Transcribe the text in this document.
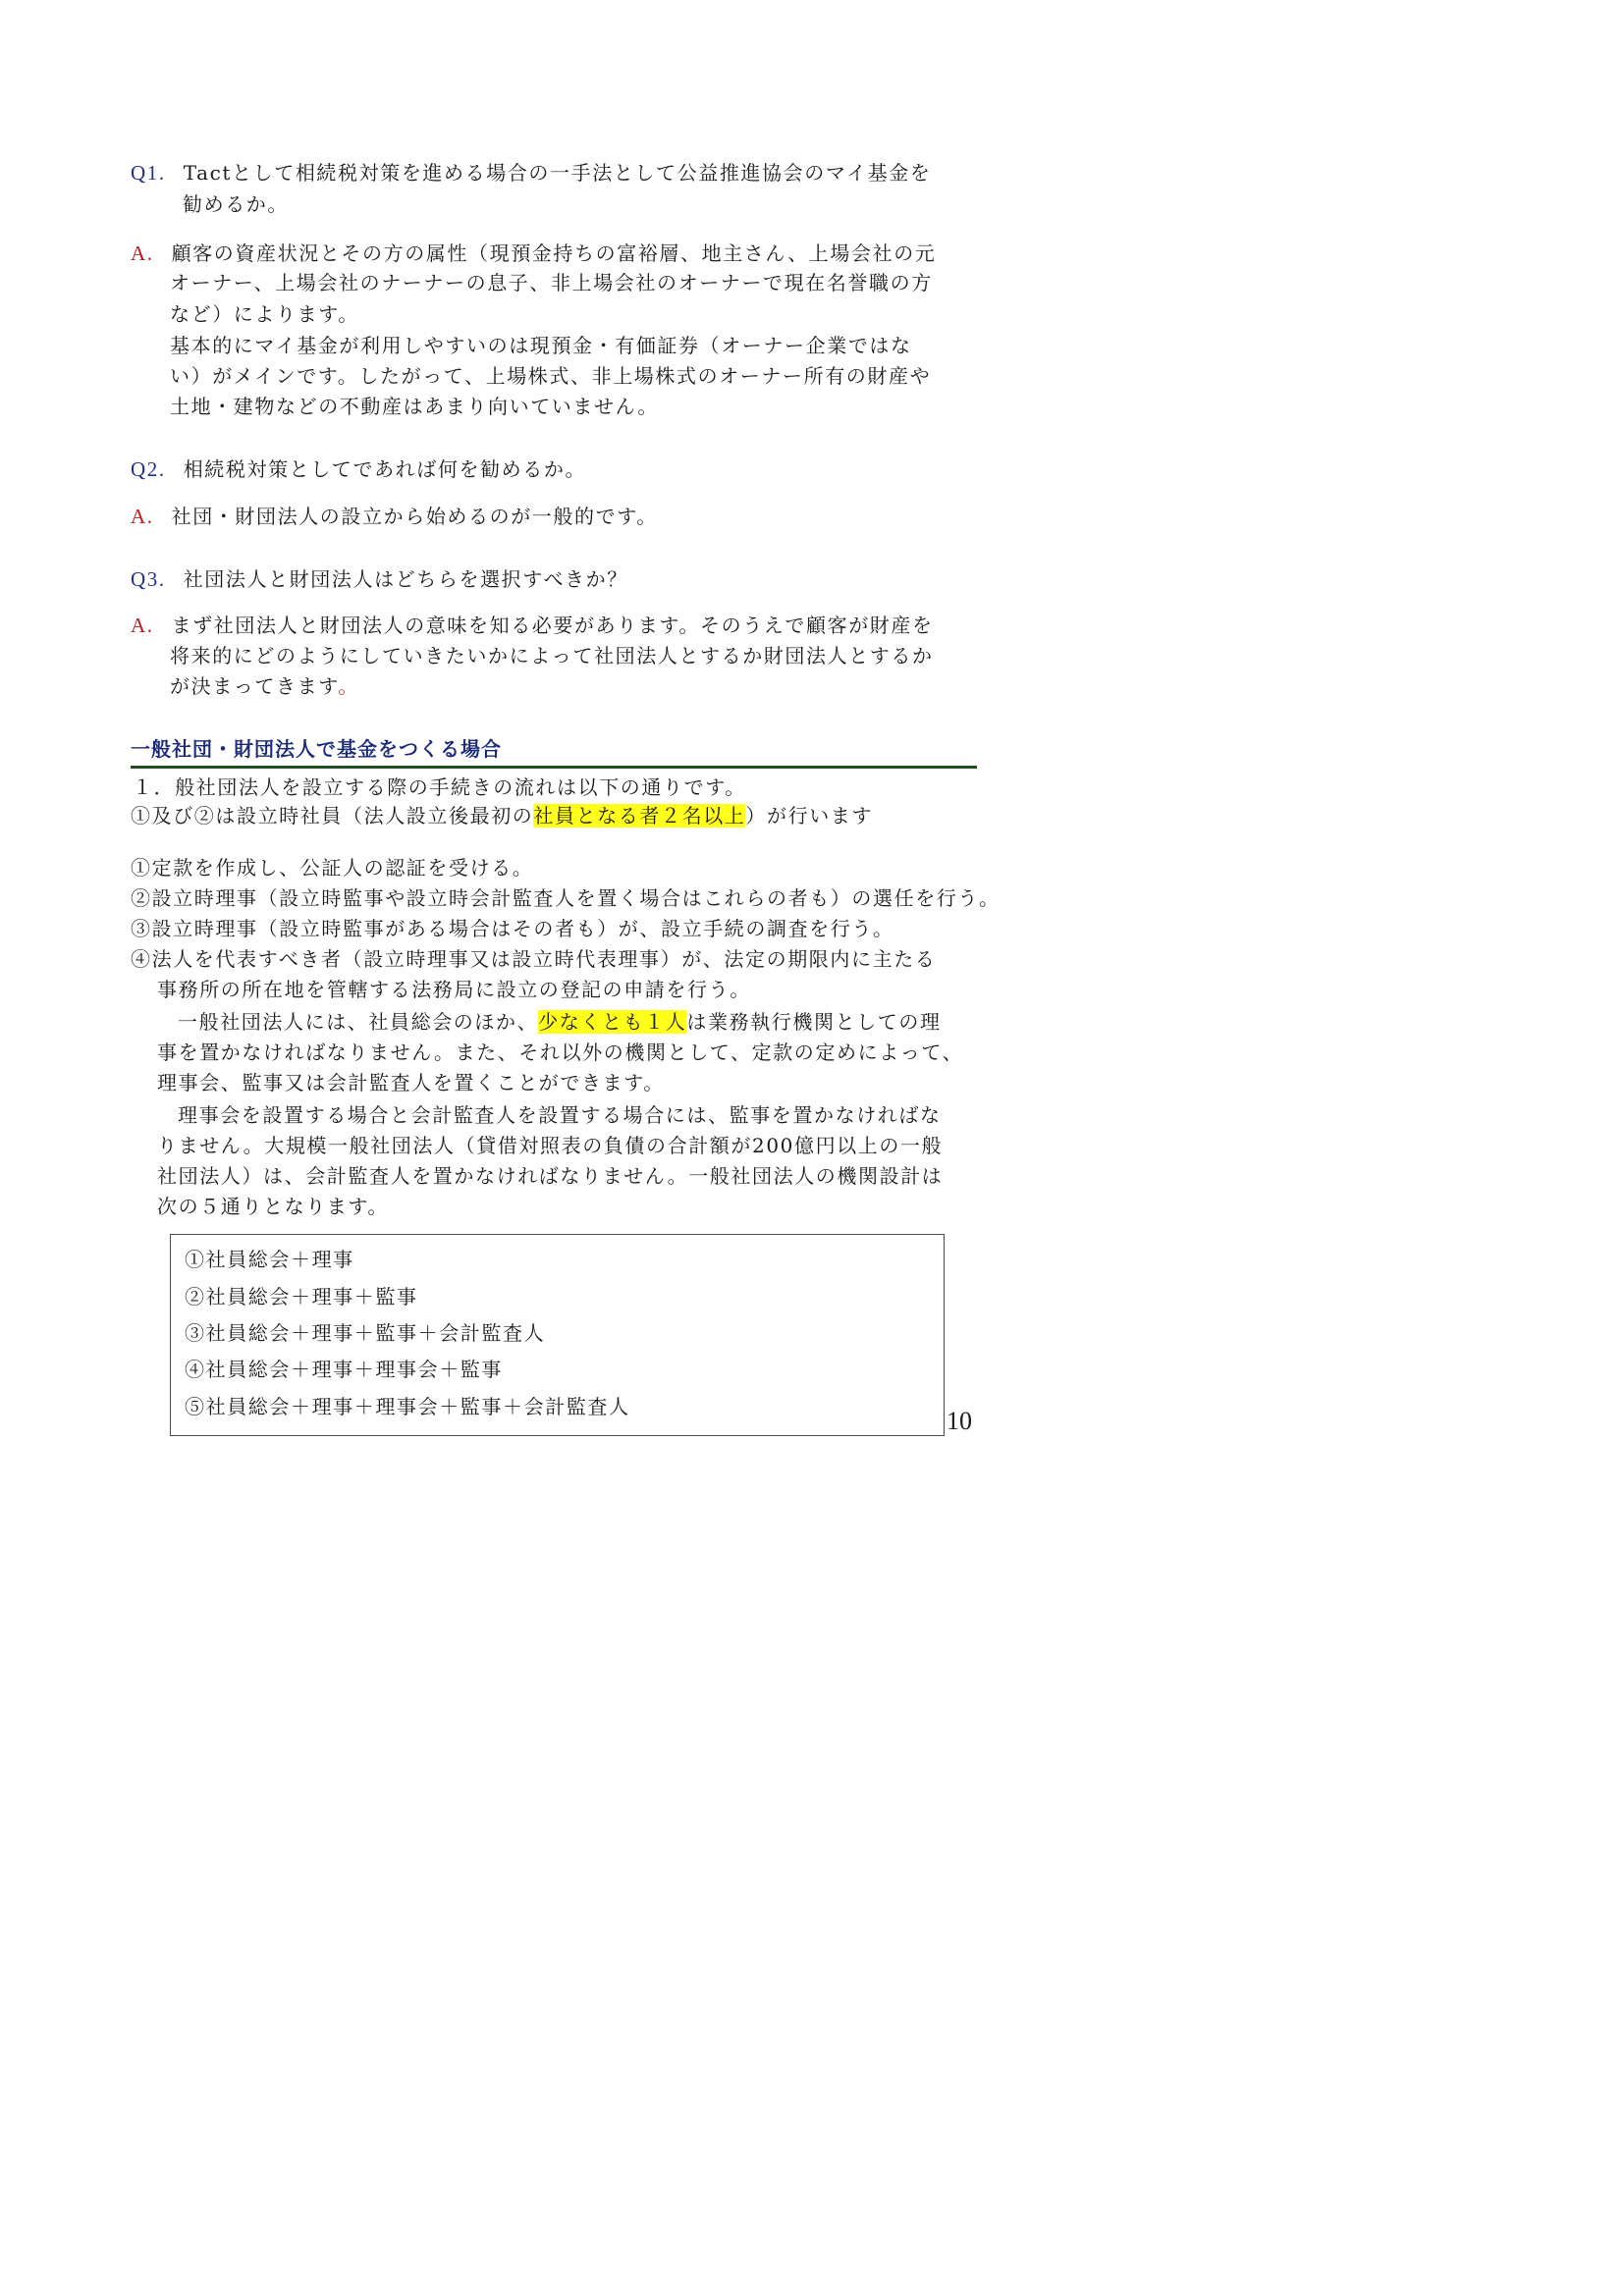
Q1. Tactとして相続税対策を進める場合の一手法として公益推進協会のマイ基金を
勧めるか。
A. 顧客の資産状況とその方の属性（現預金持ちの富裕層、地主さん、上場会社の元
オーナー、上場会社のナーナーの息子、非上場会社のオーナーで現在名誉職の方
など）によります。
基本的にマイ基金が利用しやすいのは現預金・有価証券（オーナー企業ではな
い）がメインです。したがって、上場株式、非上場株式のオーナー所有の財産や
土地・建物などの不動産はあまり向いていません。
Q2. 相続税対策としてであれば何を勧めるか。
A. 社団・財団法人の設立から始めるのが一般的です。
Q3. 社団法人と財団法人はどちらを選択すべきか？
A. まず社団法人と財団法人の意味を知る必要があります。そのうえで顧客が財産を
将来的にどのようにしていきたいかによって社団法人とするか財団法人とするか
が決まってきます。
一般社団・財団法人で基金をつくる場合
１．般社団法人を設立する際の手続きの流れは以下の通りです。
①及び②は設立時社員（法人設立後最初の社員となる者２名以上）が行います
①定款を作成し、公証人の認証を受ける。
②設立時理事（設立時監事や設立時会計監査人を置く場合はこれらの者も）の選任を行う。
③設立時理事（設立時監事がある場合はその者も）が、設立手続の調査を行う。
④法人を代表すべき者（設立時理事又は設立時代表理事）が、法定の期限内に主たる
事務所の所在地を管轄する法務局に設立の登記の申請を行う。
一般社団法人には、社員総会のほか、少なくとも１人は業務執行機関としての理
事を置かなければなりません。また、それ以外の機関として、定款の定めによって、
理事会、監事又は会計監査人を置くことができます。
理事会を設置する場合と会計監査人を設置する場合には、監事を置かなければな
りません。大規模一般社団法人（貸借対照表の負債の合計額が200億円以上の一般
社団法人）は、会計監査人を置かなければなりません。一般社団法人の機関設計は
次の５通りとなります。
①社員総会＋理事
②社員総会＋理事＋監事
③社員総会＋理事＋監事＋会計監査人
④社員総会＋理事＋理事会＋監事
⑤社員総会＋理事＋理事会＋監事＋会計監査人	10
